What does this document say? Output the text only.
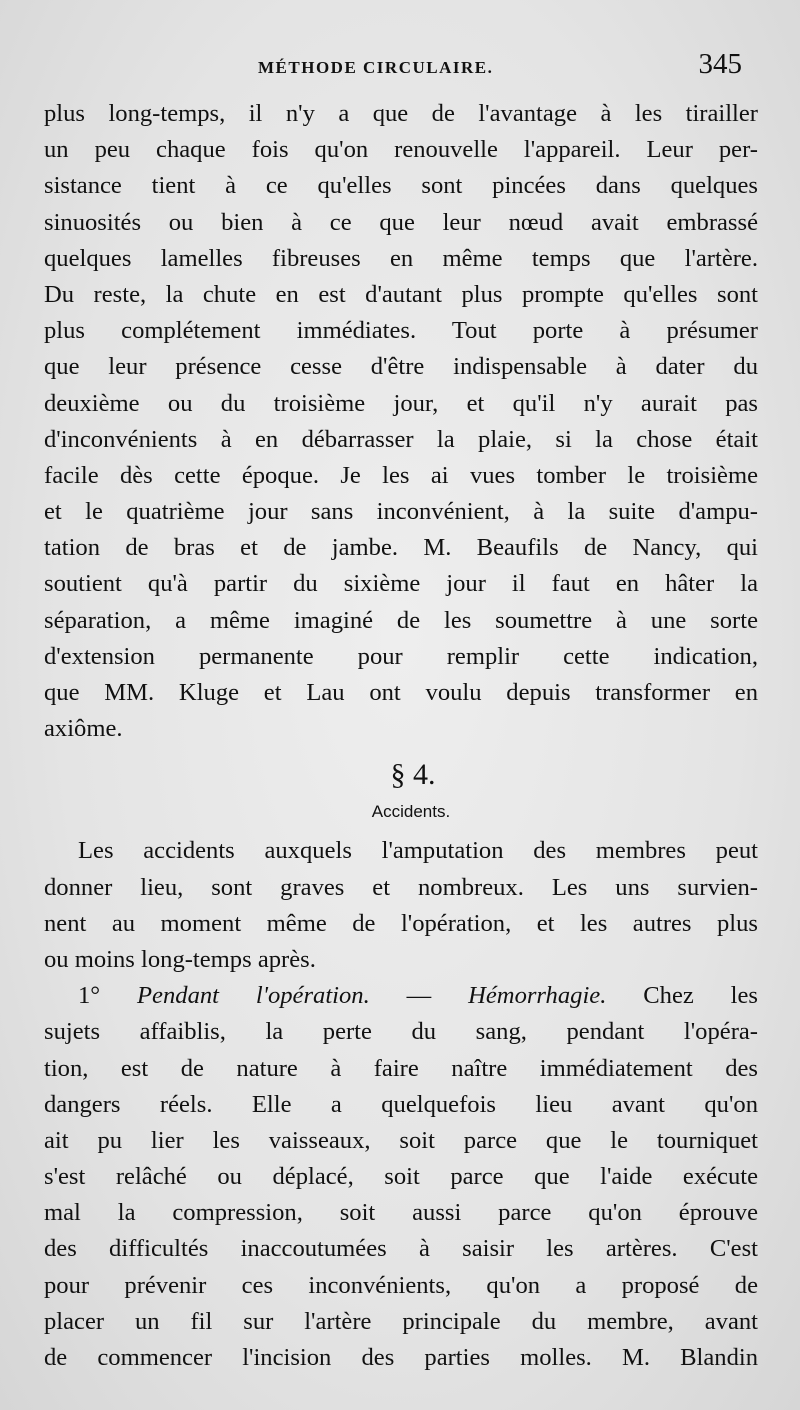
MÉTHODE CIRCULAIRE.	345
plus long-temps, il n'y a que de l'avantage à les tirailler
un peu chaque fois qu'on renouvelle l'appareil. Leur per-
sistance tient à ce qu'elles sont pincées dans quelques
sinuosités ou bien à ce que leur nœud avait embrassé
quelques lamelles fibreuses en même temps que l'artère.
Du reste, la chute en est d'autant plus prompte qu'elles sont
plus complétement immédiates. Tout porte à présumer
que leur présence cesse d'être indispensable à dater du
deuxième ou du troisième jour, et qu'il n'y aurait pas
d'inconvénients à en débarrasser la plaie, si la chose était
facile dès cette époque. Je les ai vues tomber le troisième
et le quatrième jour sans inconvénient, à la suite d'ampu-
tation de bras et de jambe. M. Beaufils de Nancy, qui
soutient qu'à partir du sixième jour il faut en hâter la
séparation, a même imaginé de les soumettre à une sorte
d'extension permanente pour remplir cette indication,
que MM. Kluge et Lau ont voulu depuis transformer en
axiôme.
§ 4.
Accidents.
Les accidents auxquels l'amputation des membres peut
donner lieu, sont graves et nombreux. Les uns survien-
nent au moment même de l'opération, et les autres plus
ou moins long-temps après.
1° Pendant l'opération. — Hémorrhagie. Chez les
sujets affaiblis, la perte du sang, pendant l'opéra-
tion, est de nature à faire naître immédiatement des
dangers réels. Elle a quelquefois lieu avant qu'on
ait pu lier les vaisseaux, soit parce que le tourniquet
s'est relâché ou déplacé, soit parce que l'aide exécute
mal la compression, soit aussi parce qu'on éprouve
des difficultés inaccoutumées à saisir les artères. C'est
pour prévenir ces inconvénients, qu'on a proposé de
placer un fil sur l'artère principale du membre, avant
de commencer l'incision des parties molles. M. Blandin
